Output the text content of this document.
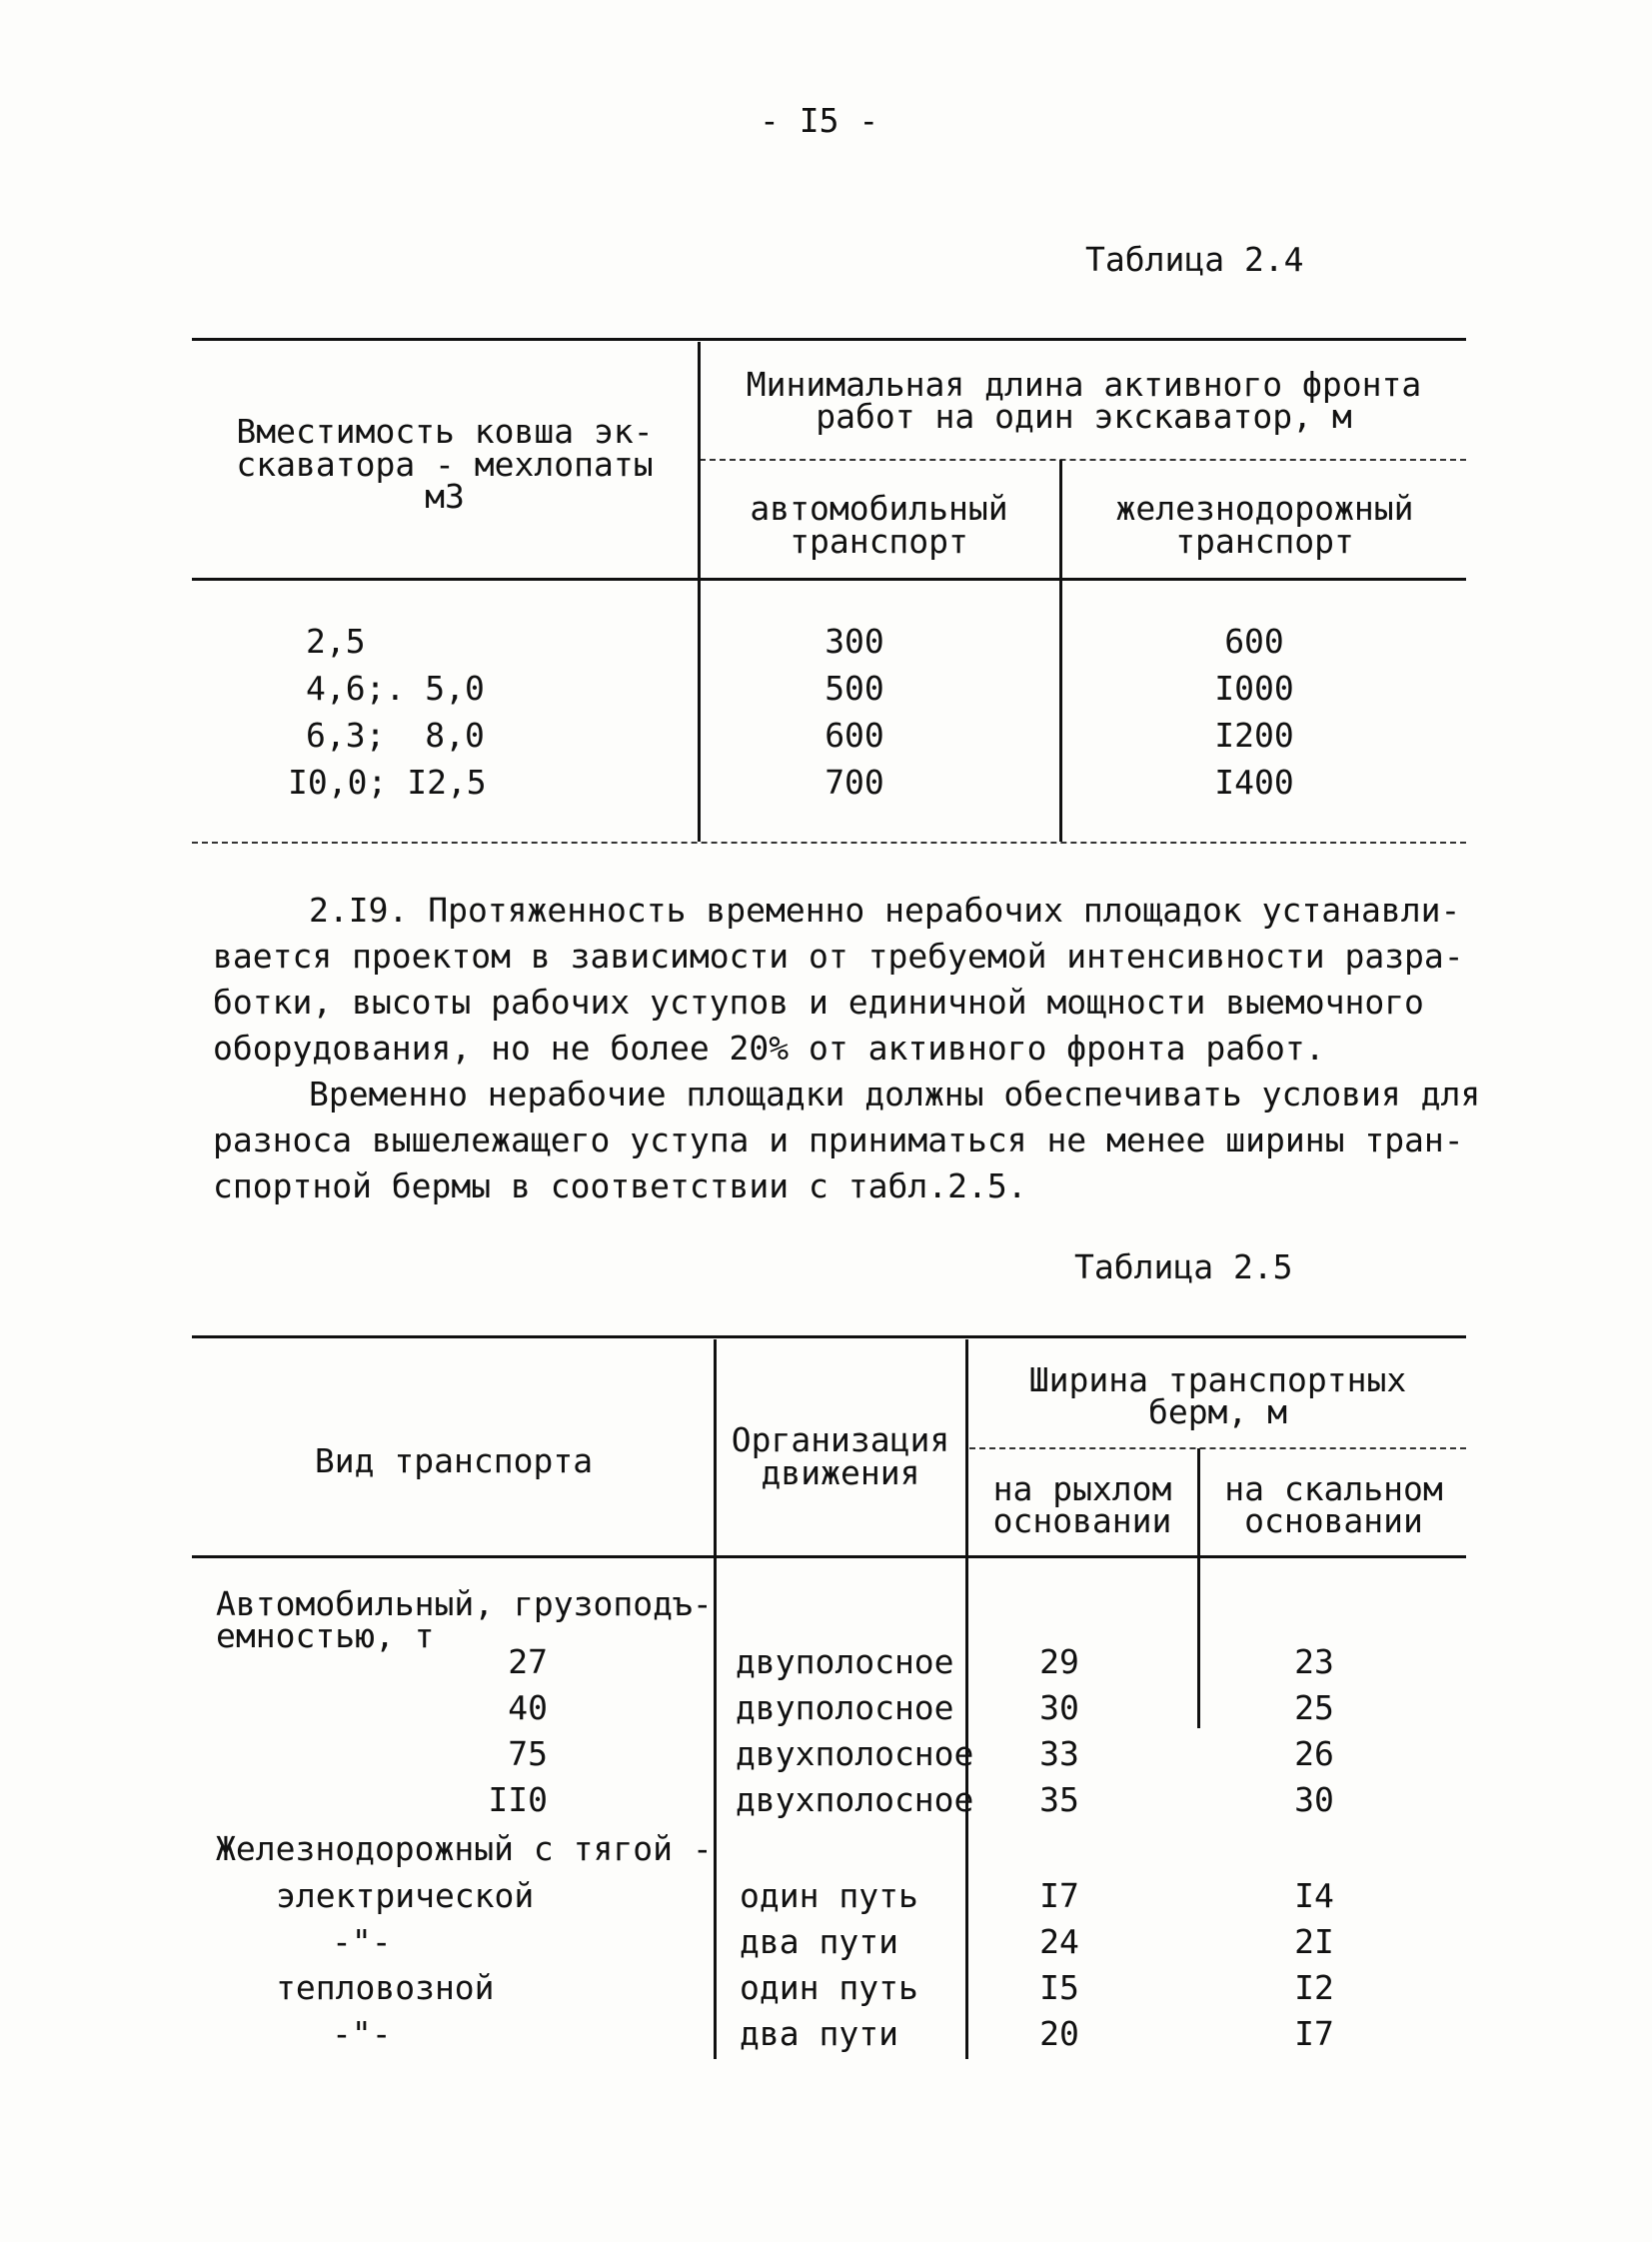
- I5 -
Таблица 2.4
Вместимость ковша эк-
скаватора - мехлопаты
м3
Минимальная длина активного фронта
работ на один экскаватор, м
автомобильный
транспорт
железнодорожный
транспорт
2,5	300	600
4,6;. 5,0	500	I000
6,3;  8,0	600	I200
I0,0; I2,5	700	I400
2.I9. Протяженность временно нерабочих площадок устанавли-
вается проектом в зависимости от требуемой интенсивности разра-
ботки, высоты рабочих уступов и единичной мощности выемочного
оборудования, но не более 20% от активного фронта работ.
Временно нерабочие площадки должны обеспечивать условия для
разноса вышележащего уступа и приниматься не менее ширины тран-
спортной бермы в соответствии с табл.2.5.
Таблица 2.5
Вид транспорта
Организация
движения
Ширина транспортных
берм, м
на рыхлом
основании
на скальном
основании
Автомобильный, грузоподъ-
емностью, т
27	двуполосное	29	23
40	двуполосное	30	25
75	двухполосное	33	26
II0	двухполосное	35	30
Железнодорожный с тягой -
электрической	один путь	I7	I4
-"-	два пути	24	2I
тепловозной	один путь	I5	I2
-"-	два пути	20	I7
